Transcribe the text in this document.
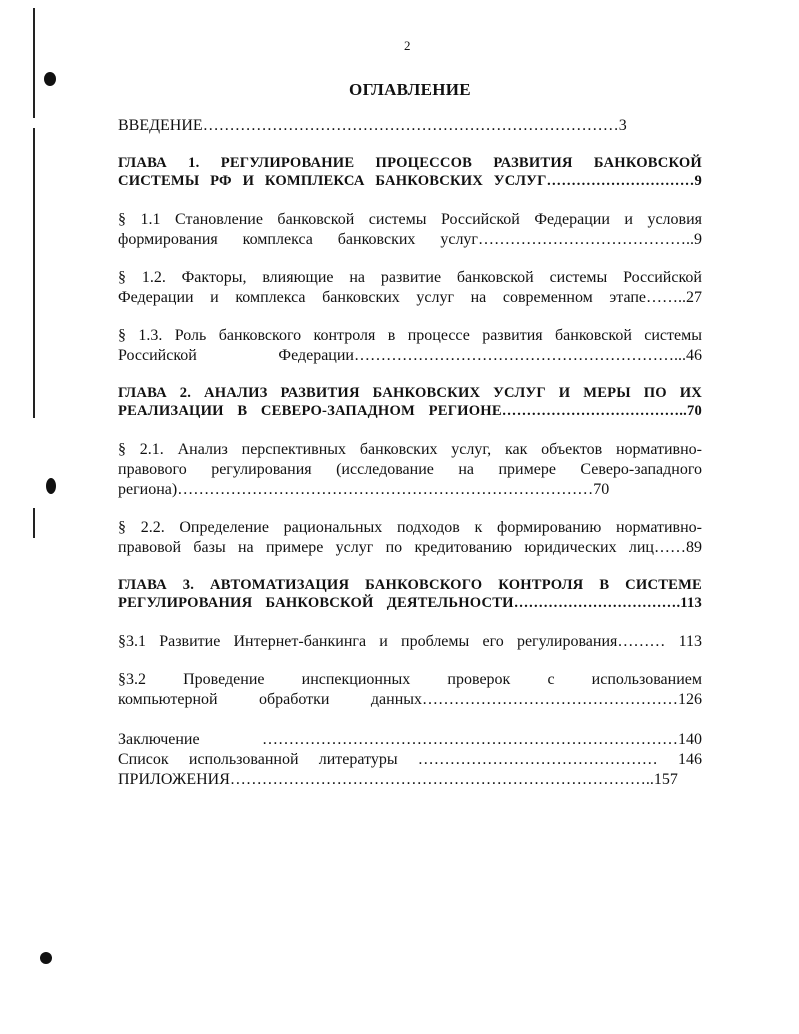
2
ОГЛАВЛЕНИЕ
ВВЕДЕНИЕ……………………………………………………………………3
ГЛАВА 1. РЕГУЛИРОВАНИЕ ПРОЦЕССОВ РАЗВИТИЯ БАНКОВСКОЙ
СИСТЕМЫ РФ И КОМПЛЕКСА БАНКОВСКИХ УСЛУГ…………………………9
§ 1.1 Становление банковской системы Российской Федерации и условия
формирования комплекса банковских услуг…………………………………..9
§ 1.2. Факторы, влияющие на развитие банковской системы Российской
Федерации и комплекса банковских услуг на современном этапе……..27
§ 1.3. Роль банковского контроля в процессе развития банковской системы
Российской Федерации……………………………………………………...46
ГЛАВА 2. АНАЛИЗ РАЗВИТИЯ БАНКОВСКИХ УСЛУГ И МЕРЫ ПО ИХ
РЕАЛИЗАЦИИ В СЕВЕРО-ЗАПАДНОМ РЕГИОНЕ………………………………..70
§ 2.1. Анализ перспективных банковских услуг, как объектов нормативно-
правового регулирования (исследование на примере Северо-западного
региона)……………………………………………………………………70
§ 2.2. Определение рациональных подходов к формированию нормативно-
правовой базы на примере услуг по кредитованию юридических лиц……89
ГЛАВА 3. АВТОМАТИЗАЦИЯ БАНКОВСКОГО КОНТРОЛЯ В СИСТЕМЕ
РЕГУЛИРОВАНИЯ БАНКОВСКОЙ ДЕЯТЕЛЬНОСТИ…………………………….113
§3.1 Развитие Интернет-банкинга и проблемы его регулирования……… 113
§3.2 Проведение инспекционных проверок с использованием
компьютерной обработки данных…………………………………………126
Заключение ……………………………………………………………………140
Список использованной литературы ……………………………………… 146
ПРИЛОЖЕНИЯ……………………………………………………………………..157
